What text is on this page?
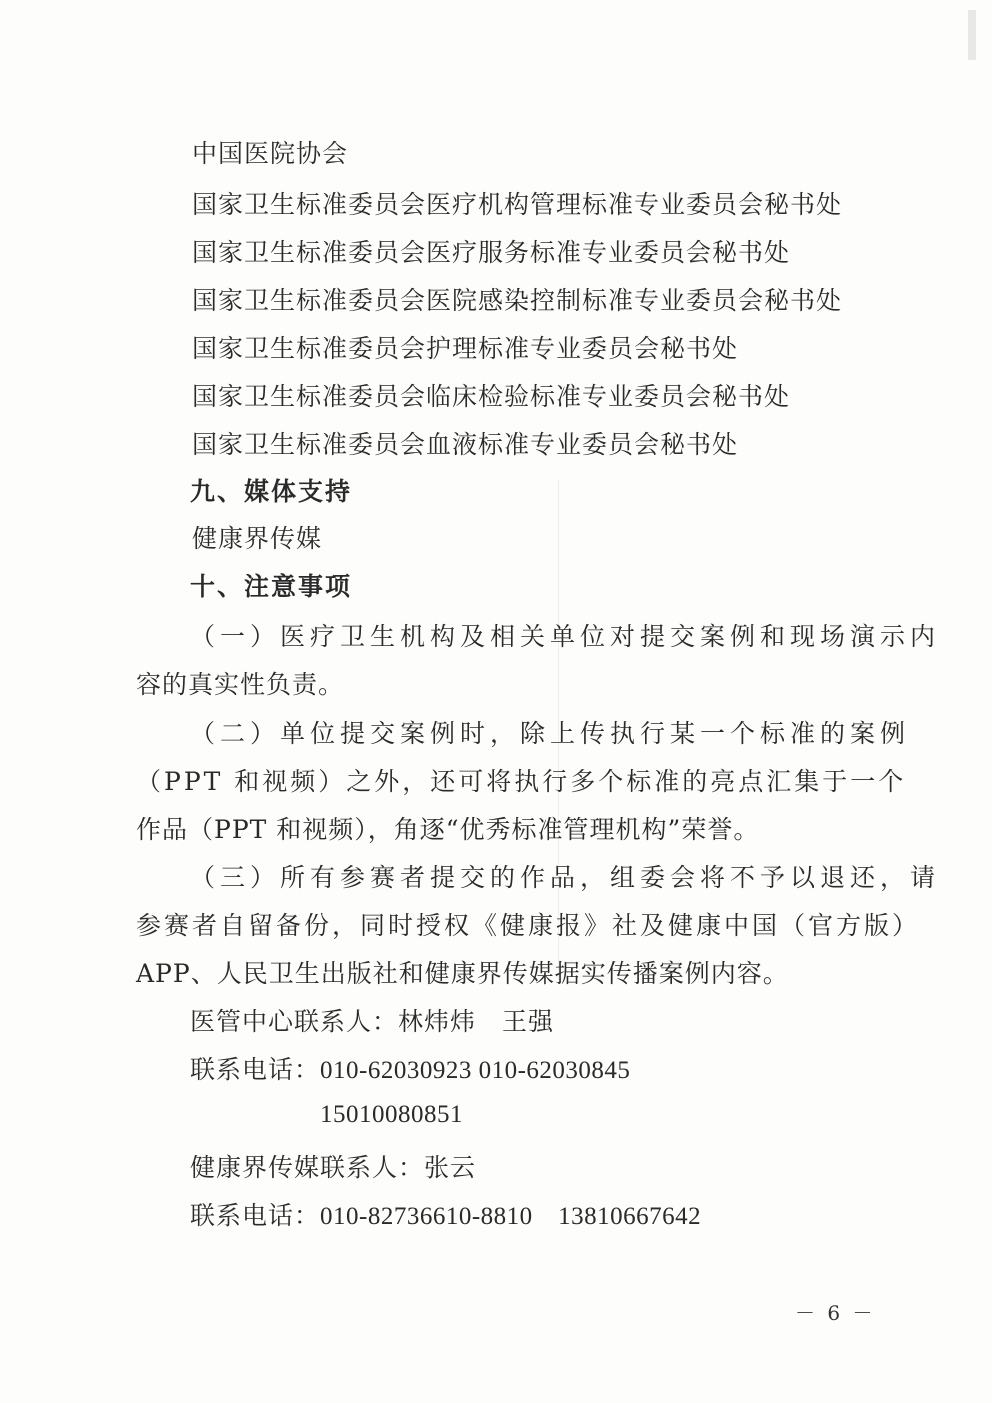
中国医院协会
国家卫生标准委员会医疗机构管理标准专业委员会秘书处
国家卫生标准委员会医疗服务标准专业委员会秘书处
国家卫生标准委员会医院感染控制标准专业委员会秘书处
国家卫生标准委员会护理标准专业委员会秘书处
国家卫生标准委员会临床检验标准专业委员会秘书处
国家卫生标准委员会血液标准专业委员会秘书处
九、媒体支持
健康界传媒
十、注意事项
（一）医疗卫生机构及相关单位对提交案例和现场演示内
容的真实性负责。
（二）单位提交案例时，除上传执行某一个标准的案例
（PPT 和视频）之外，还可将执行多个标准的亮点汇集于一个
作品（PPT 和视频），角逐“优秀标准管理机构”荣誉。
（三）所有参赛者提交的作品，组委会将不予以退还，请
参赛者自留备份，同时授权《健康报》社及健康中国（官方版）
APP、人民卫生出版社和健康界传媒据实传播案例内容。
医管中心联系人：林炜炜　王强
联系电话：010-62030923 010-62030845
15010080851
健康界传媒联系人：张云
联系电话：010-82736610-8810　13810667642
－ 6 －
